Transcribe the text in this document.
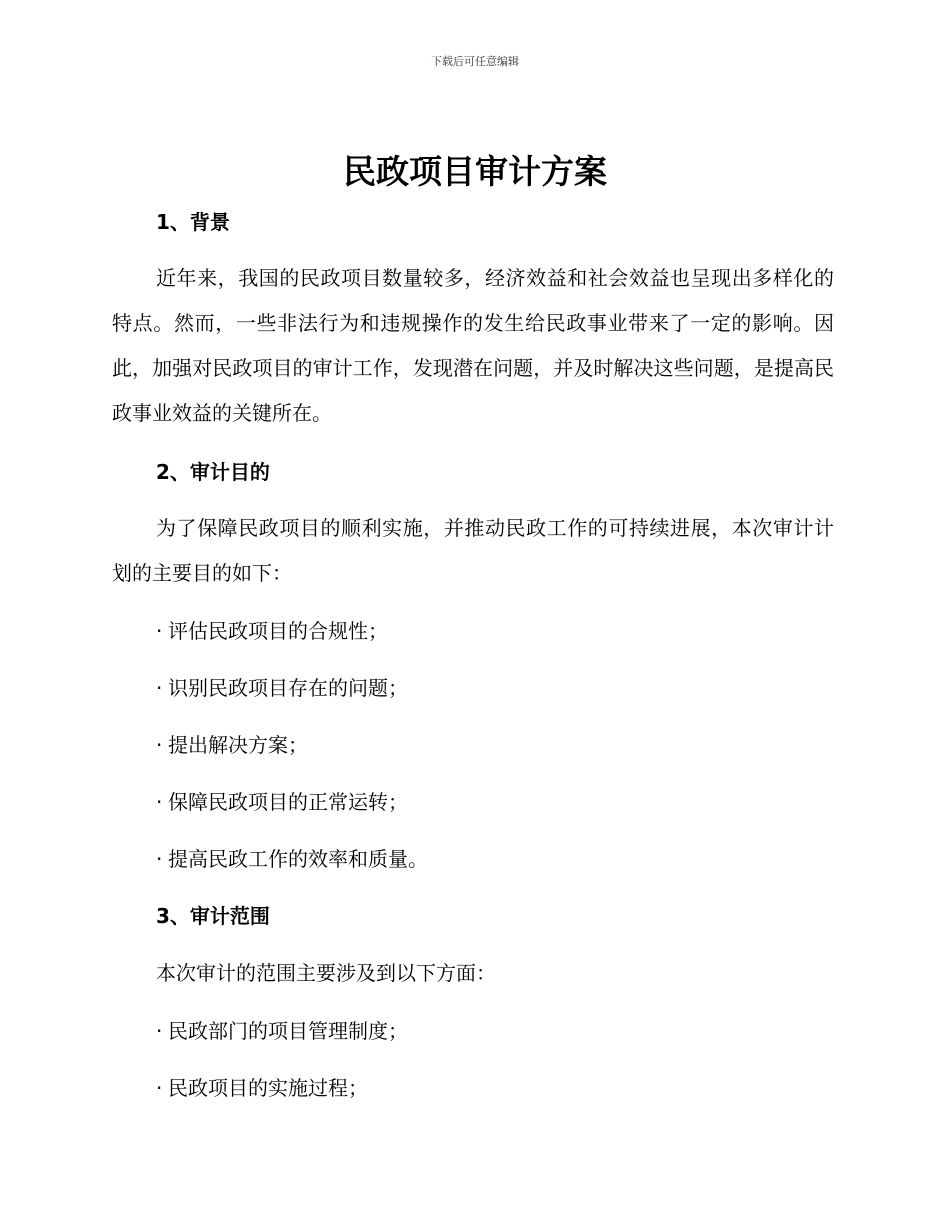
下载后可任意编辑
民政项目审计方案
1、背景

近年来，我国的民政项目数量较多，经济效益和社会效益也呈现出多样化的特点。然而，一些非法行为和违规操作的发生给民政事业带来了一定的影响。因此，加强对民政项目的审计工作，发现潜在问题，并及时解决这些问题，是提高民政事业效益的关键所在。

2、审计目的

为了保障民政项目的顺利实施，并推动民政工作的可持续进展，本次审计计划的主要目的如下：

· 评估民政项目的合规性；
· 识别民政项目存在的问题；
· 提出解决方案；
· 保障民政项目的正常运转；
· 提高民政工作的效率和质量。
3、审计范围
本次审计的范围主要涉及到以下方面：
· 民政部门的项目管理制度；
· 民政项目的实施过程；
